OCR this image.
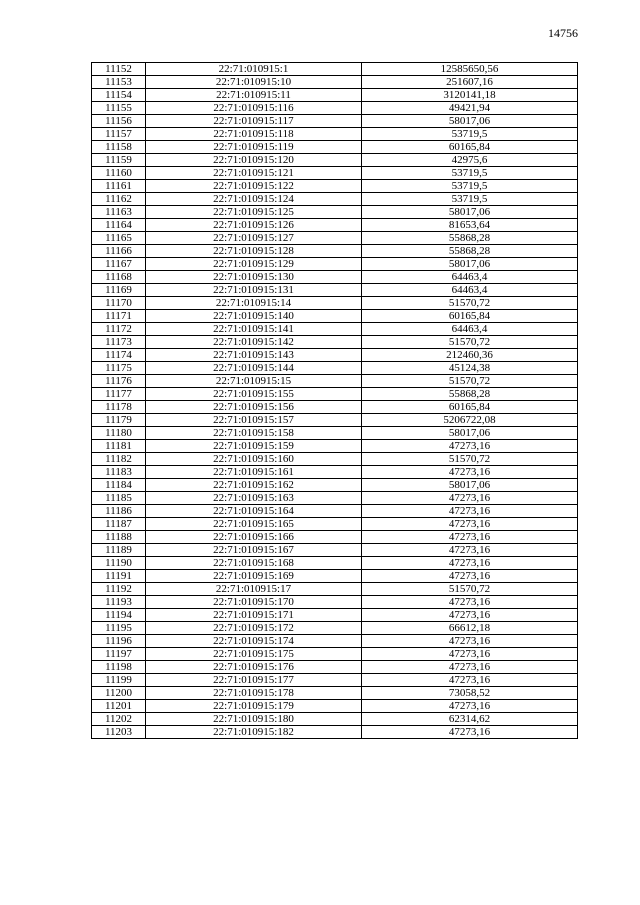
14756
11152	22:71:010915:1	12585650,56
11153	22:71:010915:10	251607,16
11154	22:71:010915:11	3120141,18
11155	22:71:010915:116	49421,94
11156	22:71:010915:117	58017,06
11157	22:71:010915:118	53719,5
11158	22:71:010915:119	60165,84
11159	22:71:010915:120	42975,6
11160	22:71:010915:121	53719,5
11161	22:71:010915:122	53719,5
11162	22:71:010915:124	53719,5
11163	22:71:010915:125	58017,06
11164	22:71:010915:126	81653,64
11165	22:71:010915:127	55868,28
11166	22:71:010915:128	55868,28
11167	22:71:010915:129	58017,06
11168	22:71:010915:130	64463,4
11169	22:71:010915:131	64463,4
11170	22:71:010915:14	51570,72
11171	22:71:010915:140	60165,84
11172	22:71:010915:141	64463,4
11173	22:71:010915:142	51570,72
11174	22:71:010915:143	212460,36
11175	22:71:010915:144	45124,38
11176	22:71:010915:15	51570,72
11177	22:71:010915:155	55868,28
11178	22:71:010915:156	60165,84
11179	22:71:010915:157	5206722,08
11180	22:71:010915:158	58017,06
11181	22:71:010915:159	47273,16
11182	22:71:010915:160	51570,72
11183	22:71:010915:161	47273,16
11184	22:71:010915:162	58017,06
11185	22:71:010915:163	47273,16
11186	22:71:010915:164	47273,16
11187	22:71:010915:165	47273,16
11188	22:71:010915:166	47273,16
11189	22:71:010915:167	47273,16
11190	22:71:010915:168	47273,16
11191	22:71:010915:169	47273,16
11192	22:71:010915:17	51570,72
11193	22:71:010915:170	47273,16
11194	22:71:010915:171	47273,16
11195	22:71:010915:172	66612,18
11196	22:71:010915:174	47273,16
11197	22:71:010915:175	47273,16
11198	22:71:010915:176	47273,16
11199	22:71:010915:177	47273,16
11200	22:71:010915:178	73058,52
11201	22:71:010915:179	47273,16
11202	22:71:010915:180	62314,62
11203	22:71:010915:182	47273,16
